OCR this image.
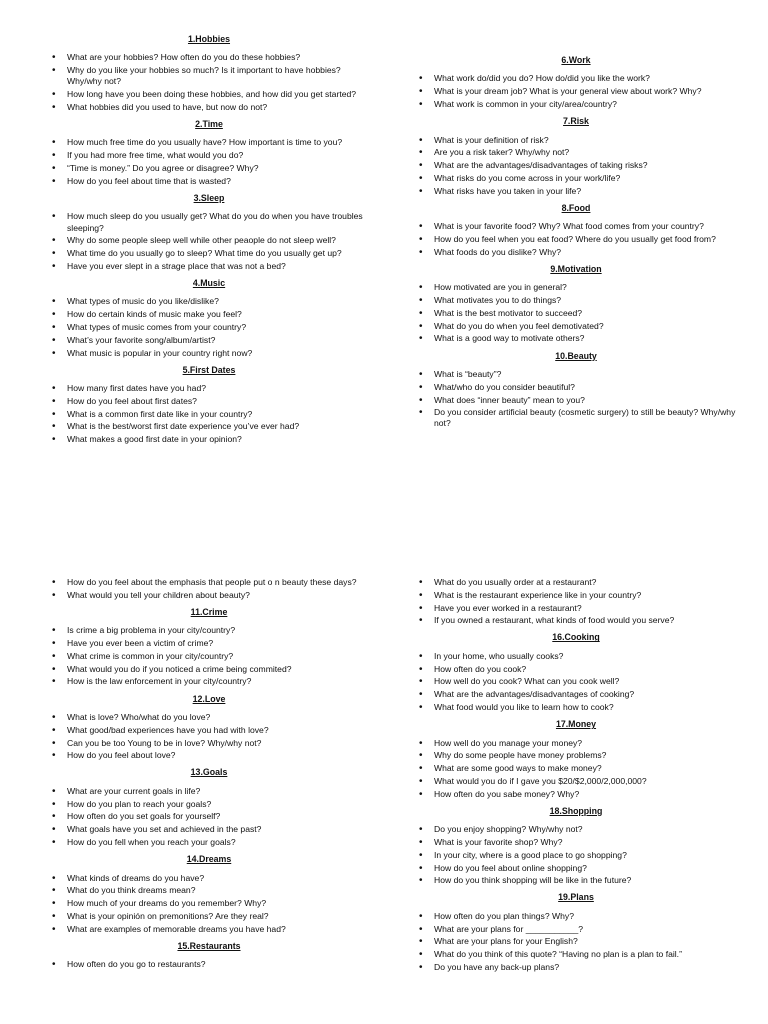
1.Hobbies
• What are your hobbies? How often do you do these hobbies?
• Why do you like your hobbies so much? Is it important to have hobbies? Why/why not?
• How long have you been doing these hobbies, and how did you get started?
• What hobbies did you used to have, but now do not?
2.Time
• How much free time do you usually have? How important is time to you?
• If you had more free time, what would you do?
• “Time is money.” Do you agree or disagree? Why?
• How do you feel about time that is wasted?
3.Sleep
• How much sleep do you usually get? What do you do when you have troubles sleeping?
• Why do some people sleep well while other peaople do not sleep well?
• What time do you usually go to sleep? What time do you usually get up?
• Have you ever slept in a strage place that was not a bed?
4.Music
• What types of music do you like/dislike?
• How do certain kinds of music make you feel?
• What types of music comes from your country?
• What’s your favorite song/album/artist?
• What music is popular in your country right now?
5.First Dates
• How many first dates have you had?
• How do you feel about first dates?
• What is a common first date like in your country?
• What is the best/worst first date experience you’ve ever had?
• What makes a good first date in your opinion?
6.Work
• What work do/did you do? How do/did you like the work?
• What is your dream job? What is your general view about work? Why?
• What work is common in your city/area/country?
7.Risk
• What is your definition of risk?
• Are you a risk taker? Why/why not?
• What are the advantages/disadvantages of taking risks?
• What risks do you come across in your work/life?
• What risks have you taken in your life?
8.Food
• What is your favorite food? Why? What food comes from your country?
• How do you feel when you eat food? Where do you usually get food from?
• What foods do you dislike? Why?
9.Motivation
• How motivated are you in general?
• What motivates you to do things?
• What is the best motivator to succeed?
• What do you do when you feel demotivated?
• What is a good way to motivate others?
10.Beauty
• What is “beauty”?
• What/who do you consider beautiful?
• What does “inner beauty” mean to you?
• Do you consider artificial beauty (cosmetic surgery) to still be beauty? Why/why not?
• How do you feel about the emphasis that people put o n beauty these days?
• What would you tell your children about beauty?
11.Crime
• Is crime a big problema in your city/country?
• Have you ever been a victim of crime?
• What crime is common in your city/country?
• What would you do if you noticed a crime being commited?
• How is the law enforcement in your city/country?
12.Love
• What is love? Who/what do you love?
• What good/bad experiences have you had with love?
• Can you be too Young to be in love? Why/why not?
• How do you feel about love?
13.Goals
• What are your current goals in life?
• How do you plan to reach your goals?
• How often do you set goals for yourself?
• What goals have you set and achieved in the past?
• How do you fell when you reach your goals?
14.Dreams
• What kinds of dreams do you have?
• What do you think dreams mean?
• How much of your dreams do you remember? Why?
• What is your opinión on premonitions? Are they real?
• What are examples of memorable dreams you have had?
15.Restaurants
• How often do you go to restaurants?
• What do you usually order at a restaurant?
• What is the restaurant experience like in your country?
• Have you ever worked in a restaurant?
• If you owned a restaurant, what kinds of food would you serve?
16.Cooking
• In your home, who usually cooks?
• How often do you cook?
• How well do you cook? What can you cook well?
• What are the advantages/disadvantages of cooking?
• What food would you like to learn how to cook?
17.Money
• How well do you manage your money?
• Why do some people have money problems?
• What are some good ways to make money?
• What would you do if I gave you $20/$2,000/2,000,000?
• How often do you sabe money? Why?
18.Shopping
• Do you enjoy shopping? Why/why not?
• What is your favorite shop? Why?
• In your city, where is a good place to go shopping?
• How do you feel about online shopping?
• How do you think shopping will be like in the future?
19.Plans
• How often do you plan things? Why?
• What are your plans for ___________?
• What are your plans for your English?
• What do you think of this quote? “Having no plan is a plan to fail.”
• Do you have any back-up plans?
